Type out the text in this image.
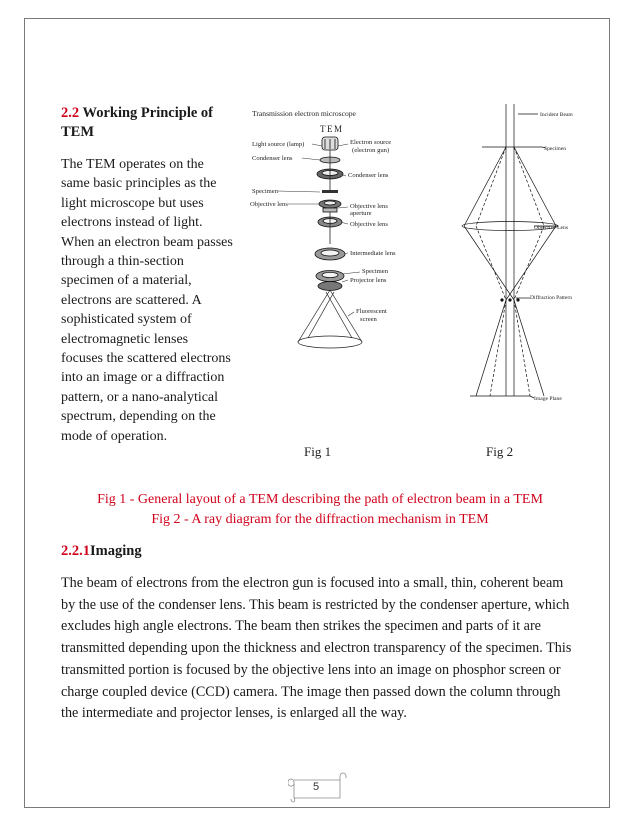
2.2 Working Principle of TEM

The TEM operates on the same basic principles as the light microscope but uses electrons instead of light. When an electron beam passes through a thin-section specimen of a material, electrons are scattered. A sophisticated system of electromagnetic lenses focuses the scattered electrons into an image or a diffraction pattern, or a nano-analytical spectrum, depending on the mode of operation.

Transmission electron microscope
TEM
Light source (lamp)	Electron source
(electron gun)
Condenser lens
Condenser lens
Specimen
Objective lens	Objective lens
aperture
Objective lens
Intermediate lens
Specimen
Projector lens
Fluorescent
screen
Fig 1
Incident Beam
Specimen
Objective Lens
Diffraction Pattern
Image Plane
Fig 2
Fig 1 - General layout of a TEM describing the path of electron beam in a TEM
Fig 2 - A ray diagram for the diffraction mechanism in TEM
2.2.1Imaging

The beam of electrons from the electron gun is focused into a small, thin, coherent beam by the use of the condenser lens. This beam is restricted by the condenser aperture, which excludes high angle electrons. The beam then strikes the specimen and parts of it are transmitted depending upon the thickness and electron transparency of the specimen. This transmitted portion is focused by the objective lens into an image on phosphor screen or charge coupled device (CCD) camera. The image then passed down the column through the intermediate and projector lenses, is enlarged all the way.

5
